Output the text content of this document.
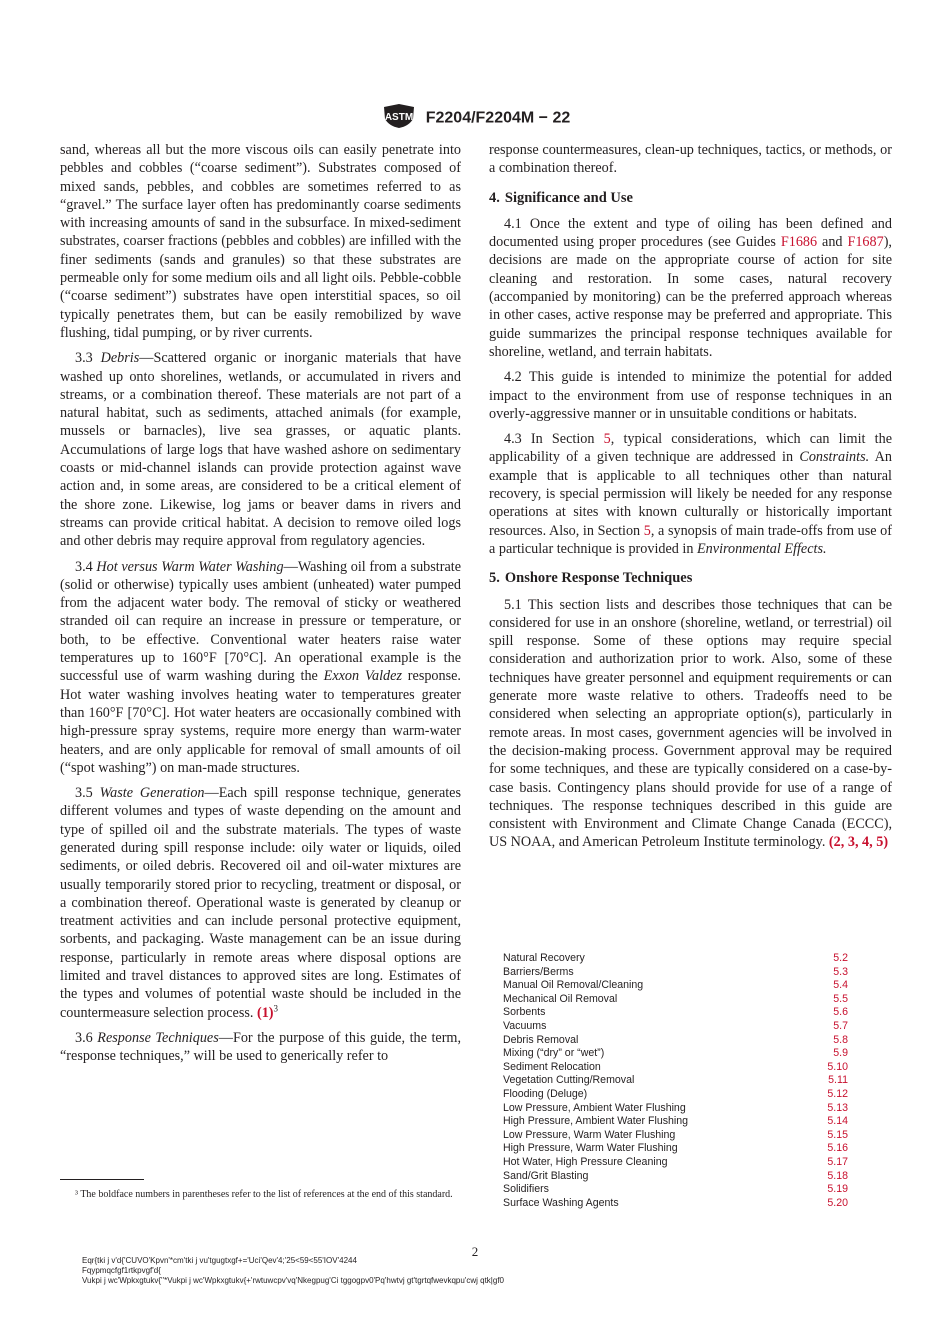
ASTM F2204/F2204M − 22

sand, whereas all but the more viscous oils can easily penetrate into pebbles and cobbles (“coarse sediment”). Substrates composed of mixed sands, pebbles, and cobbles are sometimes referred to as “gravel.” The surface layer often has predominantly coarse sediments with increasing amounts of sand in the subsurface. In mixed-sediment substrates, coarser fractions (pebbles and cobbles) are infilled with the finer sediments (sands and granules) so that these substrates are permeable only for some medium oils and all light oils. Pebble-cobble (“coarse sediment”) substrates have open interstitial spaces, so oil typically penetrates them, but can be easily remobilized by wave flushing, tidal pumping, or by river currents.

3.3 Debris—Scattered organic or inorganic materials that have washed up onto shorelines, wetlands, or accumulated in rivers and streams, or a combination thereof. These materials are not part of a natural habitat, such as sediments, attached animals (for example, mussels or barnacles), live sea grasses, or aquatic plants. Accumulations of large logs that have washed ashore on sedimentary coasts or mid-channel islands can provide protection against wave action and, in some areas, are considered to be a critical element of the shore zone. Likewise, log jams or beaver dams in rivers and streams can provide critical habitat. A decision to remove oiled logs and other debris may require approval from regulatory agencies.

3.4 Hot versus Warm Water Washing—Washing oil from a substrate (solid or otherwise) typically uses ambient (unheated) water pumped from the adjacent water body. The removal of sticky or weathered stranded oil can require an increase in pressure or temperature, or both, to be effective. Conventional water heaters raise water temperatures up to 160°F [70°C]. An operational example is the successful use of warm washing during the Exxon Valdez response. Hot water washing involves heating water to temperatures greater than 160°F [70°C]. Hot water heaters are occasionally combined with high-pressure spray systems, require more energy than warm-water heaters, and are only applicable for removal of small amounts of oil (“spot washing”) on man-made structures.

3.5 Waste Generation—Each spill response technique, generates different volumes and types of waste depending on the amount and type of spilled oil and the substrate materials. The types of waste generated during spill response include: oily water or liquids, oiled sediments, or oiled debris. Recovered oil and oil-water mixtures are usually temporarily stored prior to recycling, treatment or disposal, or a combination thereof. Operational waste is generated by cleanup or treatment activities and can include personal protective equipment, sorbents, and packaging. Waste management can be an issue during response, particularly in remote areas where disposal options are limited and travel distances to approved sites are long. Estimates of the types and volumes of potential waste should be included in the countermeasure selection process. $(1)^3$

3.6 Response Techniques—For the purpose of this guide, the term, “response techniques,” will be used to generically refer to

response countermeasures, clean-up techniques, tactics, or methods, or a combination thereof.

4. Significance and Use

4.1 Once the extent and type of oiling has been defined and documented using proper procedures (see Guides F1686 and F1687), decisions are made on the appropriate course of action for site cleaning and restoration. In some cases, natural recovery (accompanied by monitoring) can be the preferred approach whereas in other cases, active response may be preferred and appropriate. This guide summarizes the principal response techniques available for shoreline, wetland, and terrain habitats.

4.2 This guide is intended to minimize the potential for added impact to the environment from use of response techniques in an overly-aggressive manner or in unsuitable conditions or habitats.

4.3 In Section 5, typical considerations, which can limit the applicability of a given technique are addressed in Constraints. An example that is applicable to all techniques other than natural recovery, is special permission will likely be needed for any response operations at sites with known culturally or historically important resources. Also, in Section 5, a synopsis of main trade-offs from use of a particular technique is provided in Environmental Effects.

5. Onshore Response Techniques

5.1 This section lists and describes those techniques that can be considered for use in an onshore (shoreline, wetland, or terrestrial) oil spill response. Some of these options may require special consideration and authorization prior to work. Also, some of these techniques have greater personnel and equipment requirements or can generate more waste relative to others. Tradeoffs need to be considered when selecting an appropriate option(s), particularly in remote areas. In most cases, government agencies will be involved in the decision-making process. Government approval may be required for some techniques, and these are typically considered on a case-by-case basis. Contingency plans should provide for use of a range of techniques. The response techniques described in this guide are consistent with Environment and Climate Change Canada (ECCC), US NOAA, and American Petroleum Institute terminology. (2, 3, 4, 5)

Natural Recovery	5.2
Barriers/Berms	5.3
Manual Oil Removal/Cleaning	5.4
Mechanical Oil Removal	5.5
Sorbents	5.6
Vacuums	5.7
Debris Removal	5.8
Mixing (“dry” or “wet”)	5.9
Sediment Relocation	5.10
Vegetation Cutting/Removal	5.11
Flooding (Deluge)	5.12
Low Pressure, Ambient Water Flushing	5.13
High Pressure, Ambient Water Flushing	5.14
Low Pressure, Warm Water Flushing	5.15
High Pressure, Warm Water Flushing	5.16
Hot Water, High Pressure Cleaning	5.17
Sand/Grit Blasting	5.18
Solidifiers	5.19
Surface Washing Agents	5.20
³ The boldface numbers in parentheses refer to the list of references at the end of this standard.
2
Eqr{tki j v'd{'CUVO'Kpvn'*cm'tki j vu'tgugtxgf+='Uci'Qev'4;'25<59<55'IOV'4244
Fqypmqcfgf1rtkpvgf'd{
Vukpi j wc'Wpkxgtukv{''*Vukpi j wc'Wpkxgtukv{+'rwtuwcpv'vq'Nkegpug'Ci tggogpv0'Pq'hwtvj gt'tgrtqfwevkqpu'cwj qtk|gf0
